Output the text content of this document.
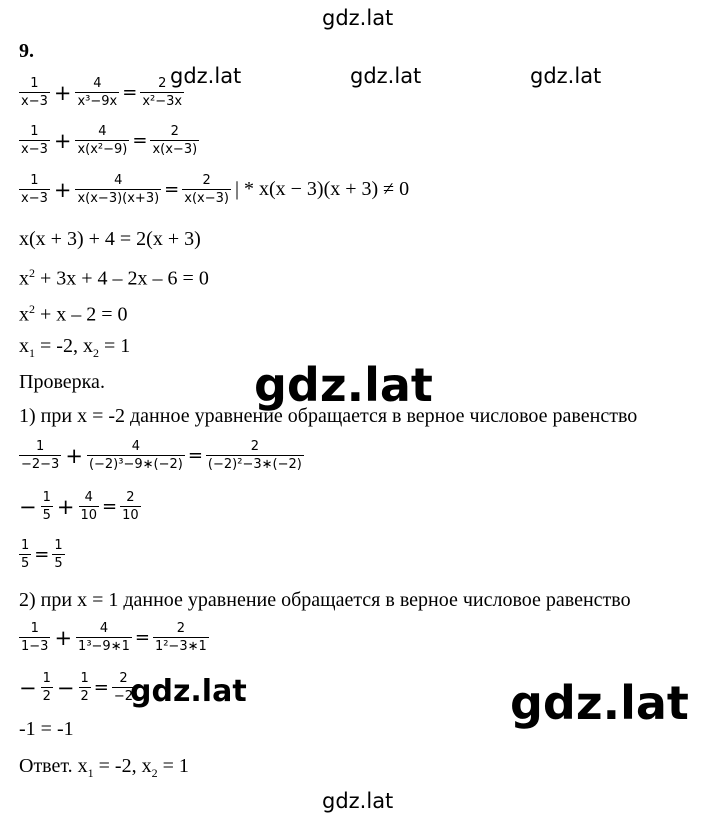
gdz.lat
gdz.lat	gdz.lat	gdz.lat
gdz.lat
gdz.lat	gdz.lat
gdz.lat
9.
$\frac{1}{x-3} + \frac{4}{\text{x³−9x}} = \frac{2}{\text{x²−3x}}$
$\frac{1}{x-3} + \frac{4}{\text{x(x²−9)}} = \frac{2}{x(x-3)}$
$\frac{1}{x-3} + \frac{4}{x(x-3)(x+3)} = \frac{2}{x(x-3)}$ | * x(x − 3)(x + 3) ≠ 0
x(x + 3) + 4 = 2(x + 3)
$x^2 + 3x + 4 - 2x - 6 = 0$
$x^2 + x - 2 = 0$
$x_1 = -2$, $x_2 = 1$
Проверка.
1) при x = -2 данное уравнение обращается в верное числовое равенство
$\frac{1}{-2-3} + \frac{4}{\text{(−2)³−9∗(−2)}} = \frac{2}{\text{(−2)²−3∗(−2)}}$
− $\frac{1}{5} + \frac{4}{10} = \frac{2}{10}$
$\frac{1}{5} = \frac{1}{5}$
2) при x = 1 данное уравнение обращается в верное числовое равенство
$\frac{1}{1-3} + \frac{4}{\text{1³−9∗1}} = \frac{2}{\text{1²−3∗1}}$
− $\frac{1}{2} - \frac{1}{2} = \frac{2}{-2}$
-1 = -1
Ответ. $x_1 = -2$, $x_2 = 1$
